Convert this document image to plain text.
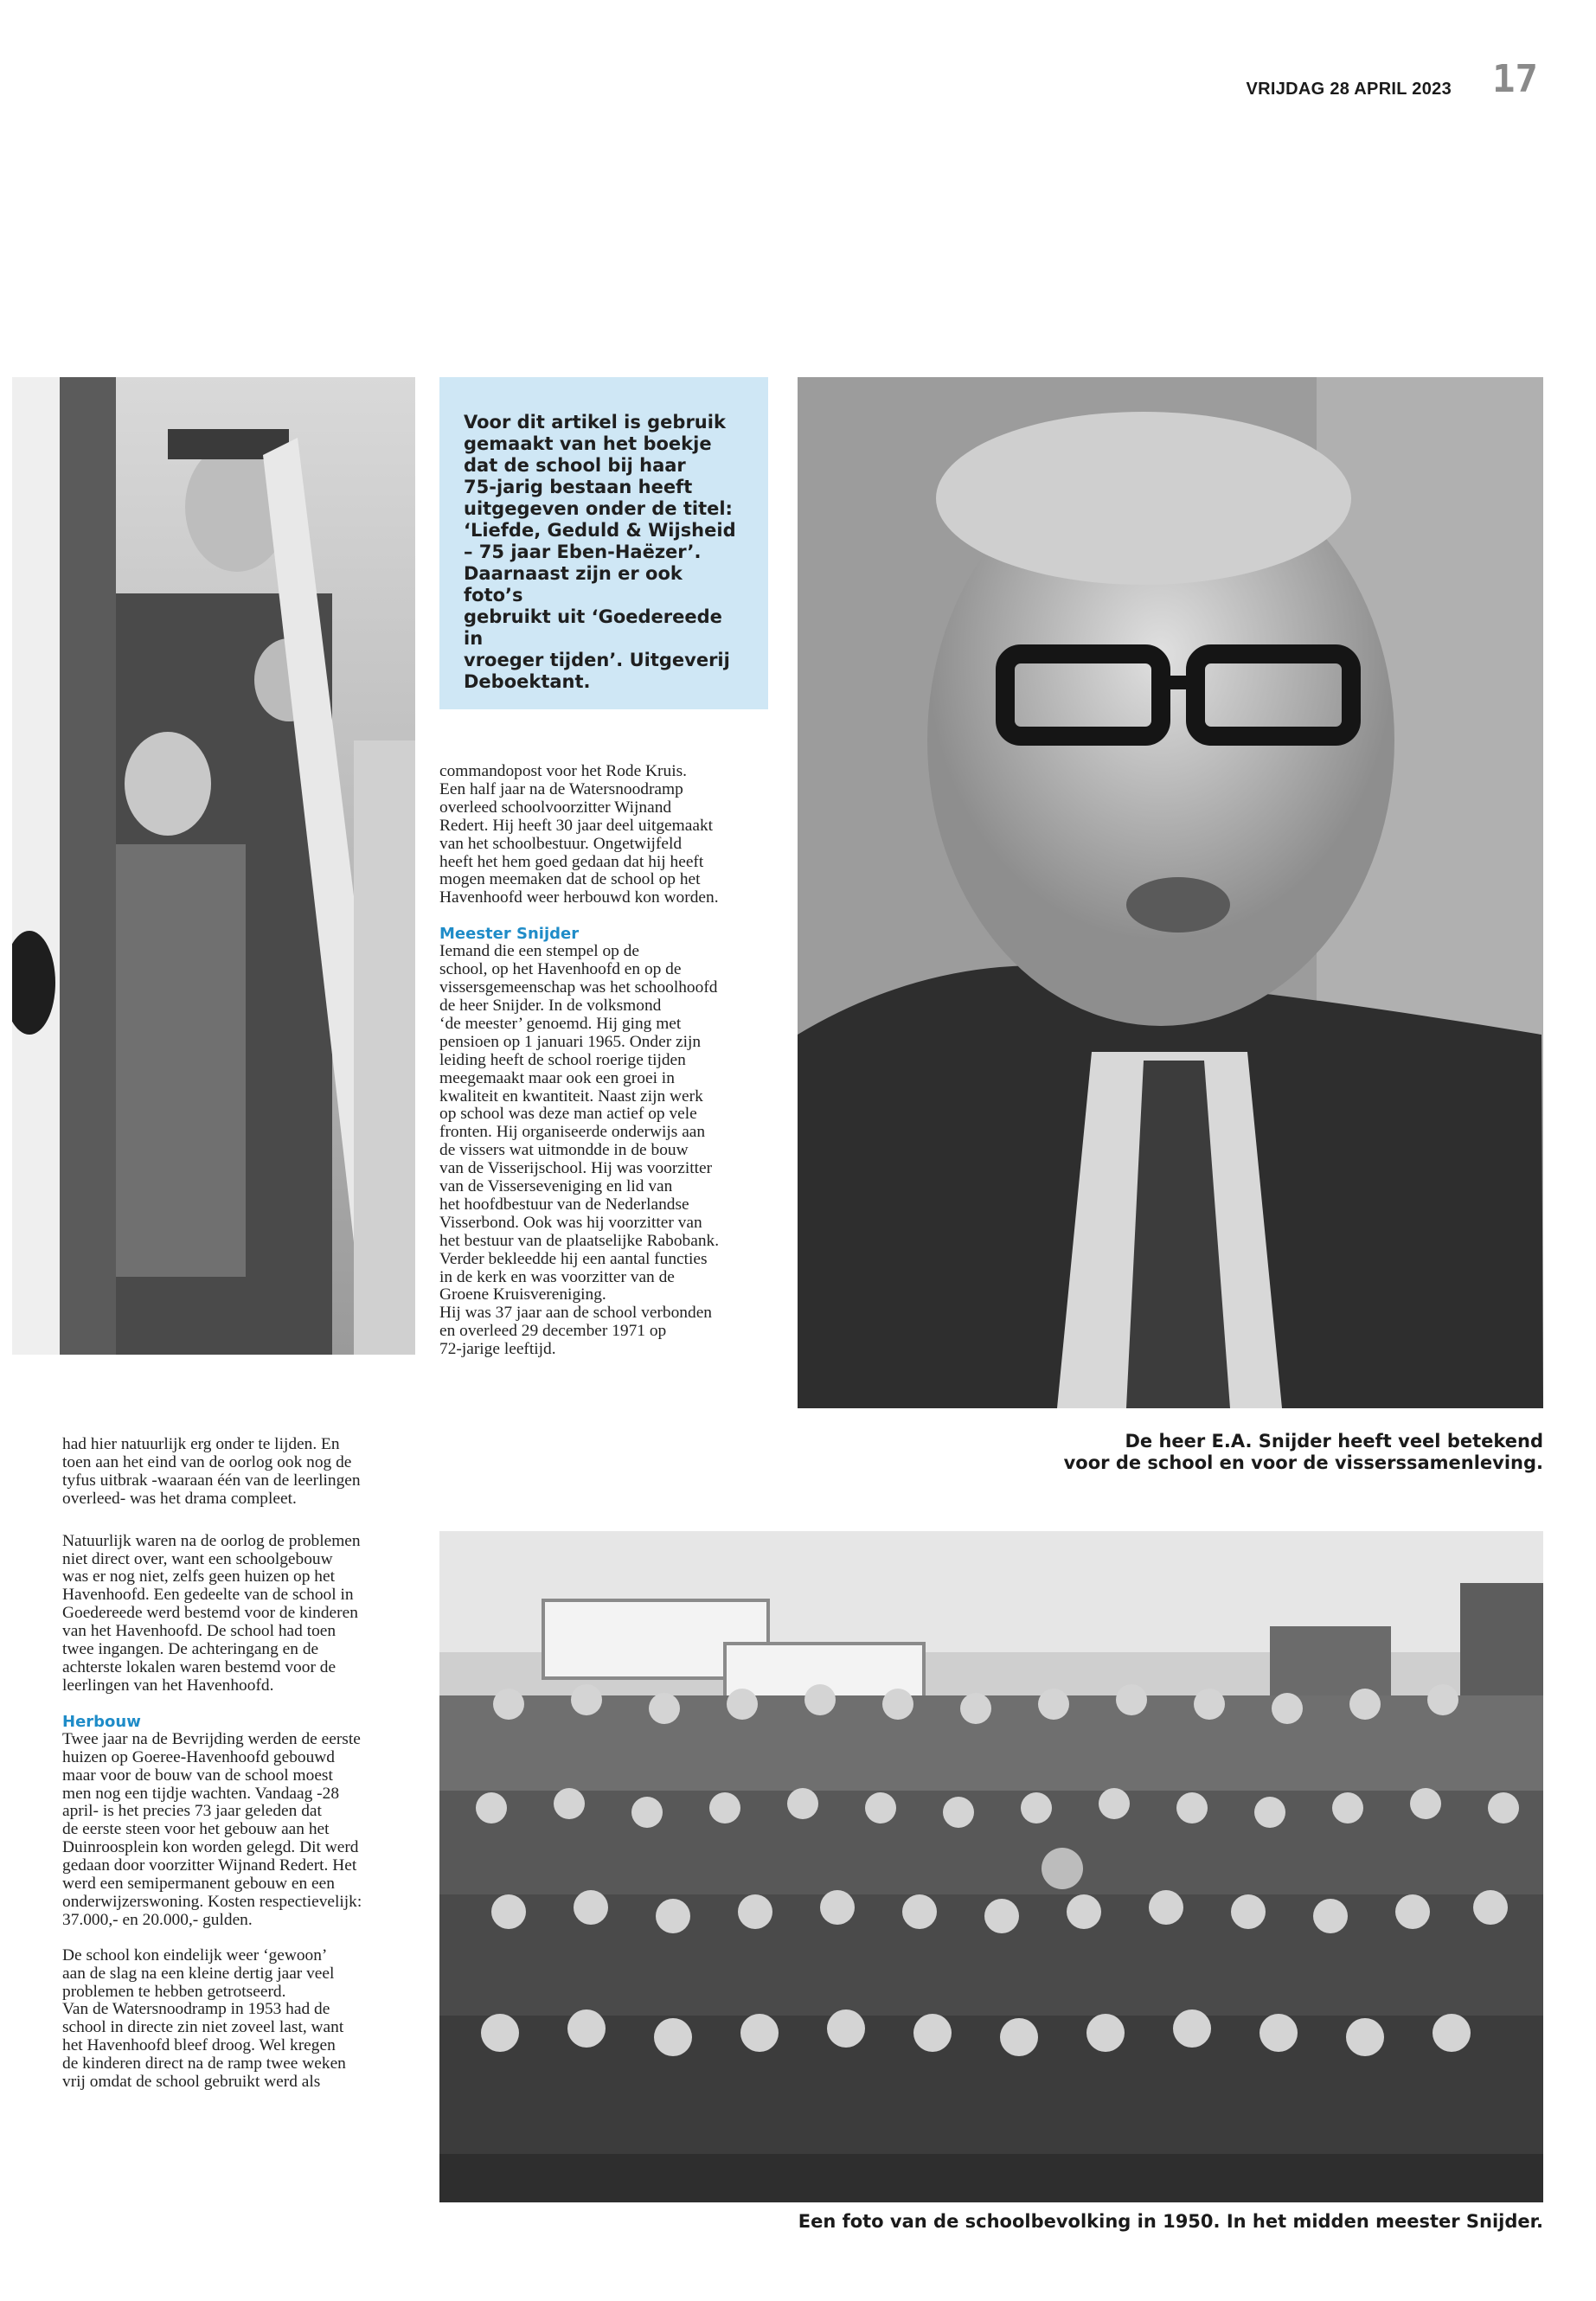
VRIJDAG 28 APRIL 2023 17

Voor dit artikel is gebruik

gemaakt van het boekje

dat de school bij haar

75-jarig bestaan heeft

uitgegeven onder de titel:

‘Liefde, Geduld & Wijsheid

– 75 jaar Eben-Haëzer’.

Daarnaast zijn er ook foto’s

gebruikt uit ‘Goedereede in

vroeger tijden’. Uitgeverij

Deboektant.

commandopost voor het Rode Kruis.

Een half jaar na de Watersnoodramp

overleed schoolvoorzitter Wijnand

Redert. Hij heeft 30 jaar deel uitgemaakt

van het schoolbestuur. Ongetwijfeld

heeft het hem goed gedaan dat hij heeft

mogen meemaken dat de school op het

Havenhoofd weer herbouwd kon worden.

Meester Snijder

Iemand die een stempel op de

school, op het Havenhoofd en op de

vissersgemeenschap was het schoolhoofd

de heer Snijder. In de volksmond

‘de meester’ genoemd. Hij ging met

pensioen op 1 januari 1965. Onder zijn

leiding heeft de school roerige tijden

meegemaakt maar ook een groei in

kwaliteit en kwantiteit. Naast zijn werk

op school was deze man actief op vele

fronten. Hij organiseerde onderwijs aan

de vissers wat uitmondde in de bouw

van de Visserijschool. Hij was voorzitter

van de Visserseveniging en lid van

het hoofdbestuur van de Nederlandse

Visserbond. Ook was hij voorzitter van

het bestuur van de plaatselijke Rabobank.

Verder bekleedde hij een aantal functies

in de kerk en was voorzitter van de

Groene Kruisvereniging.

Hij was 37 jaar aan de school verbonden

en overleed 29 december 1971 op

72-jarige leeftijd.

De heer E.A. Snijder heeft veel betekend
voor de school en voor de visserssamenleving.

had hier natuurlijk erg onder te lijden. En

toen aan het eind van de oorlog ook nog de

tyfus uitbrak -waaraan één van de leerlingen

overleed- was het drama compleet.

Natuurlijk waren na de oorlog de problemen

niet direct over, want een schoolgebouw

was er nog niet, zelfs geen huizen op het

Havenhoofd. Een gedeelte van de school in

Goedereede werd bestemd voor de kinderen

van het Havenhoofd. De school had toen

twee ingangen. De achteringang en de

achterste lokalen waren bestemd voor de

leerlingen van het Havenhoofd.

Herbouw

Twee jaar na de Bevrijding werden de eerste

huizen op Goeree-Havenhoofd gebouwd

maar voor de bouw van de school moest

men nog een tijdje wachten. Vandaag -28

april- is het precies 73 jaar geleden dat

de eerste steen voor het gebouw aan het

Duinroosplein kon worden gelegd. Dit werd

gedaan door voorzitter Wijnand Redert. Het

werd een semipermanent gebouw en een

onderwijzerswoning. Kosten respectievelijk:

37.000,- en 20.000,- gulden.

De school kon eindelijk weer ‘gewoon’

aan de slag na een kleine dertig jaar veel

problemen te hebben getrotseerd.

Van de Watersnoodramp in 1953 had de

school in directe zin niet zoveel last, want

het Havenhoofd bleef droog. Wel kregen

de kinderen direct na de ramp twee weken

vrij omdat de school gebruikt werd als

Een foto van de schoolbevolking in 1950. In het midden meester Snijder.
